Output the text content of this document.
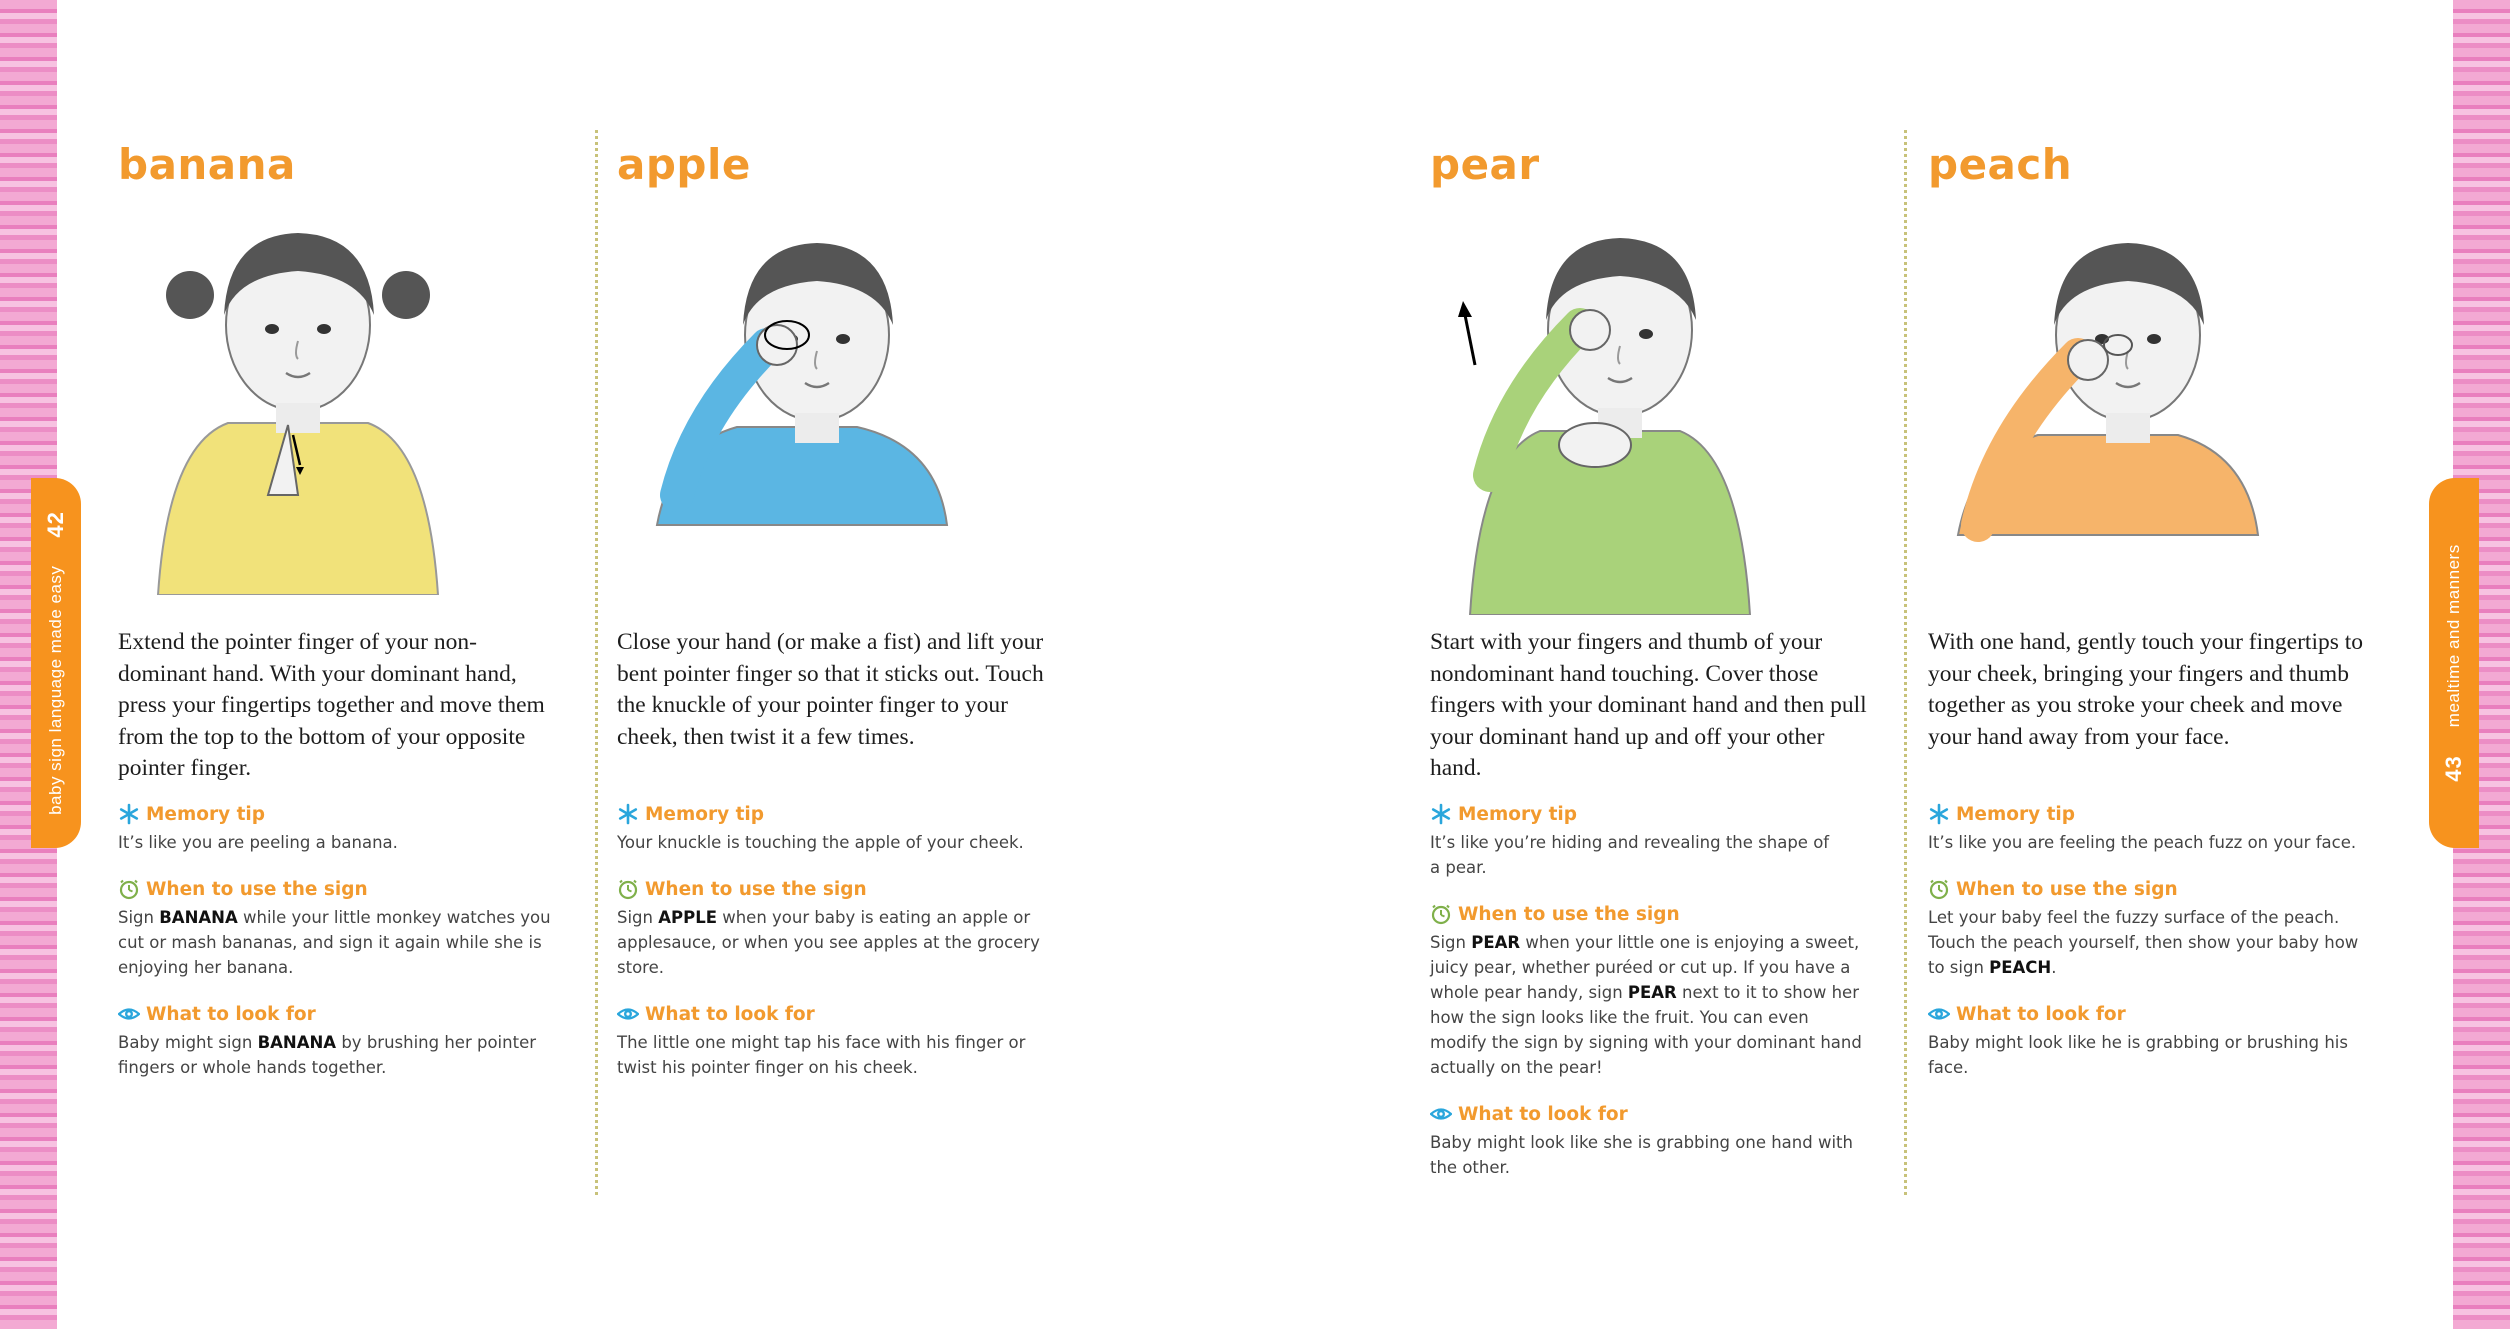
baby sign language made easy
42
mealtime and manners
43
banana

Extend the pointer finger of your non-dominant hand. With your dominant hand, press your fingertips together and move them from the top to the bottom of your opposite pointer finger.

Memory tip

It’s like you are peeling a banana.

When to use the sign

Sign BANANA while your little monkey watches you cut or mash bananas, and sign it again while she is enjoying her banana.

What to look for

Baby might sign BANANA by brushing her pointer fingers or whole hands together.

apple

Close your hand (or make a fist) and lift your bent pointer finger so that it sticks out. Touch the knuckle of your pointer finger to your cheek, then twist it a few times.

Memory tip

Your knuckle is touching the apple of your cheek.

When to use the sign

Sign APPLE when your baby is eating an apple or applesauce, or when you see apples at the grocery store.

What to look for

The little one might tap his face with his finger or twist his pointer finger on his cheek.

pear

Start with your fingers and thumb of your nondominant hand touching. Cover those fingers with your dominant hand and then pull your dominant hand up and off your other hand.

Memory tip

It’s like you’re hiding and revealing the shape of a pear.

When to use the sign

Sign PEAR when your little one is enjoying a sweet, juicy pear, whether puréed or cut up. If you have a whole pear handy, sign PEAR next to it to show her how the sign looks like the fruit. You can even modify the sign by signing with your dominant hand actually on the pear!

What to look for

Baby might look like she is grabbing one hand with the other.

peach

With one hand, gently touch your fingertips to your cheek, bringing your fingers and thumb together as you stroke your cheek and move your hand away from your face.

Memory tip

It’s like you are feeling the peach fuzz on your face.

When to use the sign

Let your baby feel the fuzzy surface of the peach. Touch the peach yourself, then show your baby how to sign PEACH.

What to look for

Baby might look like he is grabbing or brushing his face.
